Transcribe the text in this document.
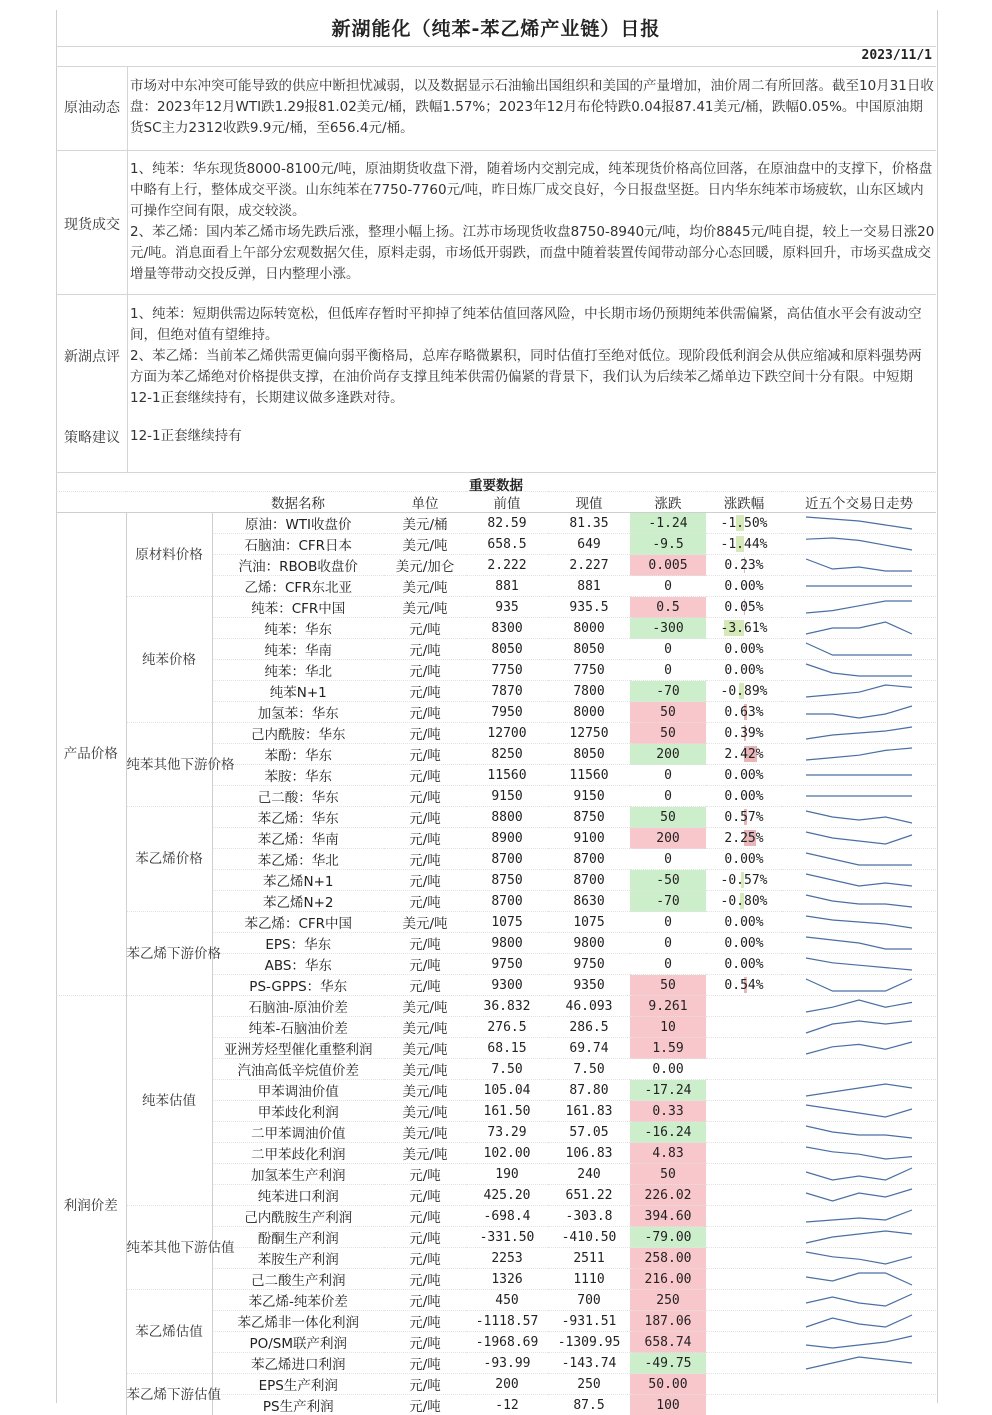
新湖能化（纯苯-苯乙烯产业链）日报
2023/11/1
原油动态
市场对中东冲突可能导致的供应中断担忧减弱，以及数据显示石油输出国组织和美国的产量增加，油价周二有所回落。截至10月31日收盘：2023年12月WTI跌1.29报81.02美元/桶，跌幅1.57%；2023年12月布伦特跌0.04报87.41美元/桶，跌幅0.05%。中国原油期货SC主力2312收跌9.9元/桶，至656.4元/桶。
现货成交
1、纯苯：华东现货8000-8100元/吨，原油期货收盘下滑，随着场内交割完成，纯苯现货价格高位回落，在原油盘中的支撑下，价格盘中略有上行，整体成交平淡。山东纯苯在7750-7760元/吨，昨日炼厂成交良好，今日报盘坚挺。日内华东纯苯市场疲软，山东区域内可操作空间有限，成交较淡。
2、苯乙烯：国内苯乙烯市场先跌后涨，整理小幅上扬。江苏市场现货收盘8750-8940元/吨，均价8845元/吨自提，较上一交易日涨20元/吨。消息面看上午部分宏观数据欠佳，原料走弱，市场低开弱跌，而盘中随着装置传闻带动部分心态回暖，原料回升，市场买盘成交增量等带动交投反弹，日内整理小涨。
新湖点评
1、纯苯：短期供需边际转宽松，但低库存暂时平抑掉了纯苯估值回落风险，中长期市场仍预期纯苯供需偏紧，高估值水平会有波动空间，但绝对值有望维持。
2、苯乙烯：当前苯乙烯供需更偏向弱平衡格局，总库存略微累积，同时估值打至绝对低位。现阶段低利润会从供应缩减和原料强势两方面为苯乙烯绝对价格提供支撑，在油价尚存支撑且纯苯供需仍偏紧的背景下，我们认为后续苯乙烯单边下跌空间十分有限。中短期12-1正套继续持有，长期建议做多逢跌对待。
策略建议 12-1正套继续持有
重要数据
		数据名称	单位	前值	现值	涨跌	涨跌幅	近五个交易日走势
产品价格	原材料价格	原油：WTI收盘价	美元/桶	82.59	81.35	-1.24	-1.50%	

		石脑油：CFR日本	美元/吨	658.5	649	-9.5	-1.44%	

		汽油：RBOB收盘价	美元/加仑	2.222	2.227	0.005	0.23%	

		乙烯：CFR东北亚	美元/吨	881	881	0	0.00%	

	纯苯价格	纯苯：CFR中国	美元/吨	935	935.5	0.5	0.05%	

		纯苯：华东	元/吨	8300	8000	-300	-3.61%	

		纯苯：华南	元/吨	8050	8050	0	0.00%	

		纯苯：华北	元/吨	7750	7750	0	0.00%	

		纯苯N+1	元/吨	7870	7800	-70	-0.89%	

		加氢苯：华东	元/吨	7950	8000	50	0.63%	

	纯苯其他下游价格	己内酰胺：华东	元/吨	12700	12750	50	0.39%	

		苯酚：华东	元/吨	8250	8050	200	2.42%	

		苯胺：华东	元/吨	11560	11560	0	0.00%	

		己二酸：华东	元/吨	9150	9150	0	0.00%	

	苯乙烯价格	苯乙烯：华东	元/吨	8800	8750	50	0.57%	

		苯乙烯：华南	元/吨	8900	9100	200	2.25%	

		苯乙烯：华北	元/吨	8700	8700	0	0.00%	

		苯乙烯N+1	元/吨	8750	8700	-50	-0.57%	

		苯乙烯N+2	元/吨	8700	8630	-70	-0.80%	

	苯乙烯下游价格	苯乙烯：CFR中国	美元/吨	1075	1075	0	0.00%	

		EPS：华东	元/吨	9800	9800	0	0.00%	

		ABS：华东	元/吨	9750	9750	0	0.00%	

		PS-GPPS：华东	元/吨	9300	9350	50	0.54%	

利润价差	纯苯估值	石脑油-原油价差	美元/吨	36.832	46.093	9.261		

		纯苯-石脑油价差	美元/吨	276.5	286.5	10		

		亚洲芳烃型催化重整利润	美元/吨	68.15	69.74	1.59		

		汽油高低辛烷值价差	美元/吨	7.50	7.50	0.00		
		甲苯调油价值	美元/吨	105.04	87.80	-17.24		

		甲苯歧化利润	美元/吨	161.50	161.83	0.33		

		二甲苯调油价值	美元/吨	73.29	57.05	-16.24		

		二甲苯歧化利润	美元/吨	102.00	106.83	4.83		

		加氢苯生产利润	元/吨	190	240	50		

		纯苯进口利润	元/吨	425.20	651.22	226.02		

	纯苯其他下游估值	己内酰胺生产利润	元/吨	-698.4	-303.8	394.60		

		酚酮生产利润	元/吨	-331.50	-410.50	-79.00		

		苯胺生产利润	元/吨	2253	2511	258.00		

		己二酸生产利润	元/吨	1326	1110	216.00		

	苯乙烯估值	苯乙烯-纯苯价差	元/吨	450	700	250		

		苯乙烯非一体化利润	元/吨	-1118.57	-931.51	187.06		

		PO/SM联产利润	元/吨	-1968.69	-1309.95	658.74		

		苯乙烯进口利润	元/吨	-93.99	-143.74	-49.75		

	苯乙烯下游估值	EPS生产利润	元/吨	200	250	50.00		
		PS生产利润	元/吨	-12	87.5	100		
